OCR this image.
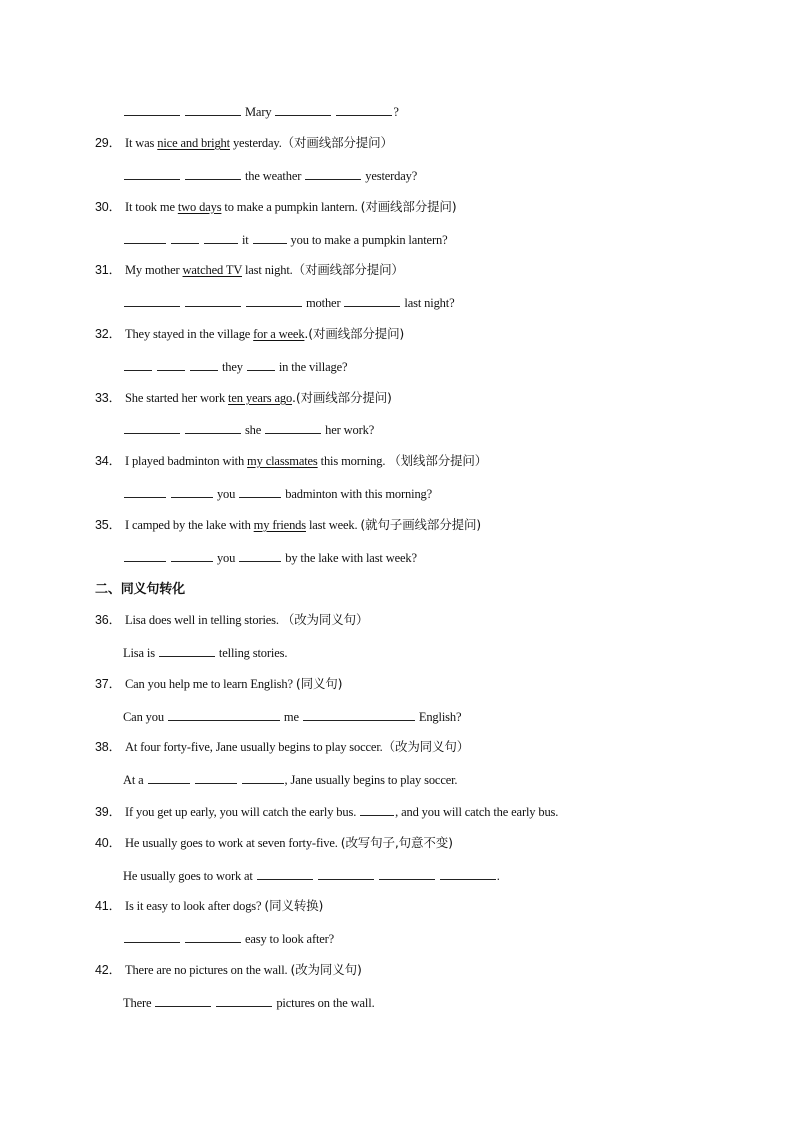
Mary	?
29． It was nice and bright yesterday.（对画线部分提问）
the weather	yesterday?
30． It took me two days to make a pumpkin lantern. (对画线部分提问)
it	you to make a pumpkin lantern?
31． My mother watched TV last night.（对画线部分提问）
mother	last night?
32． They stayed in the village for a week.(对画线部分提问)
they  in the village?
33． She started her work ten years ago.(对画线部分提问)
she	her work?
34． I played badminton with my classmates this morning. （划线部分提问）
you	badminton with this morning?
35． I camped by the lake with my friends last week. (就句子画线部分提问)
you	by the lake with last week?
二、同义句转化
36． Lisa does well in telling stories. （改为同义句）
Lisa is	telling stories.
37． Can you help me to learn English? (同义句)
Can you	me	English?
38． At four forty-five, Jane usually begins to play soccer.（改为同义句）
At a	, Jane usually begins to play soccer.
39． If you get up early, you will catch the early bus.	, and you will catch the early bus.
40． He usually goes to work at seven forty-five. (改写句子,句意不变)
He usually goes to work at	.
41． Is it easy to look after dogs? (同义转换)
easy to look after?
42． There are no pictures on the wall. (改为同义句)
There	pictures on the wall.
